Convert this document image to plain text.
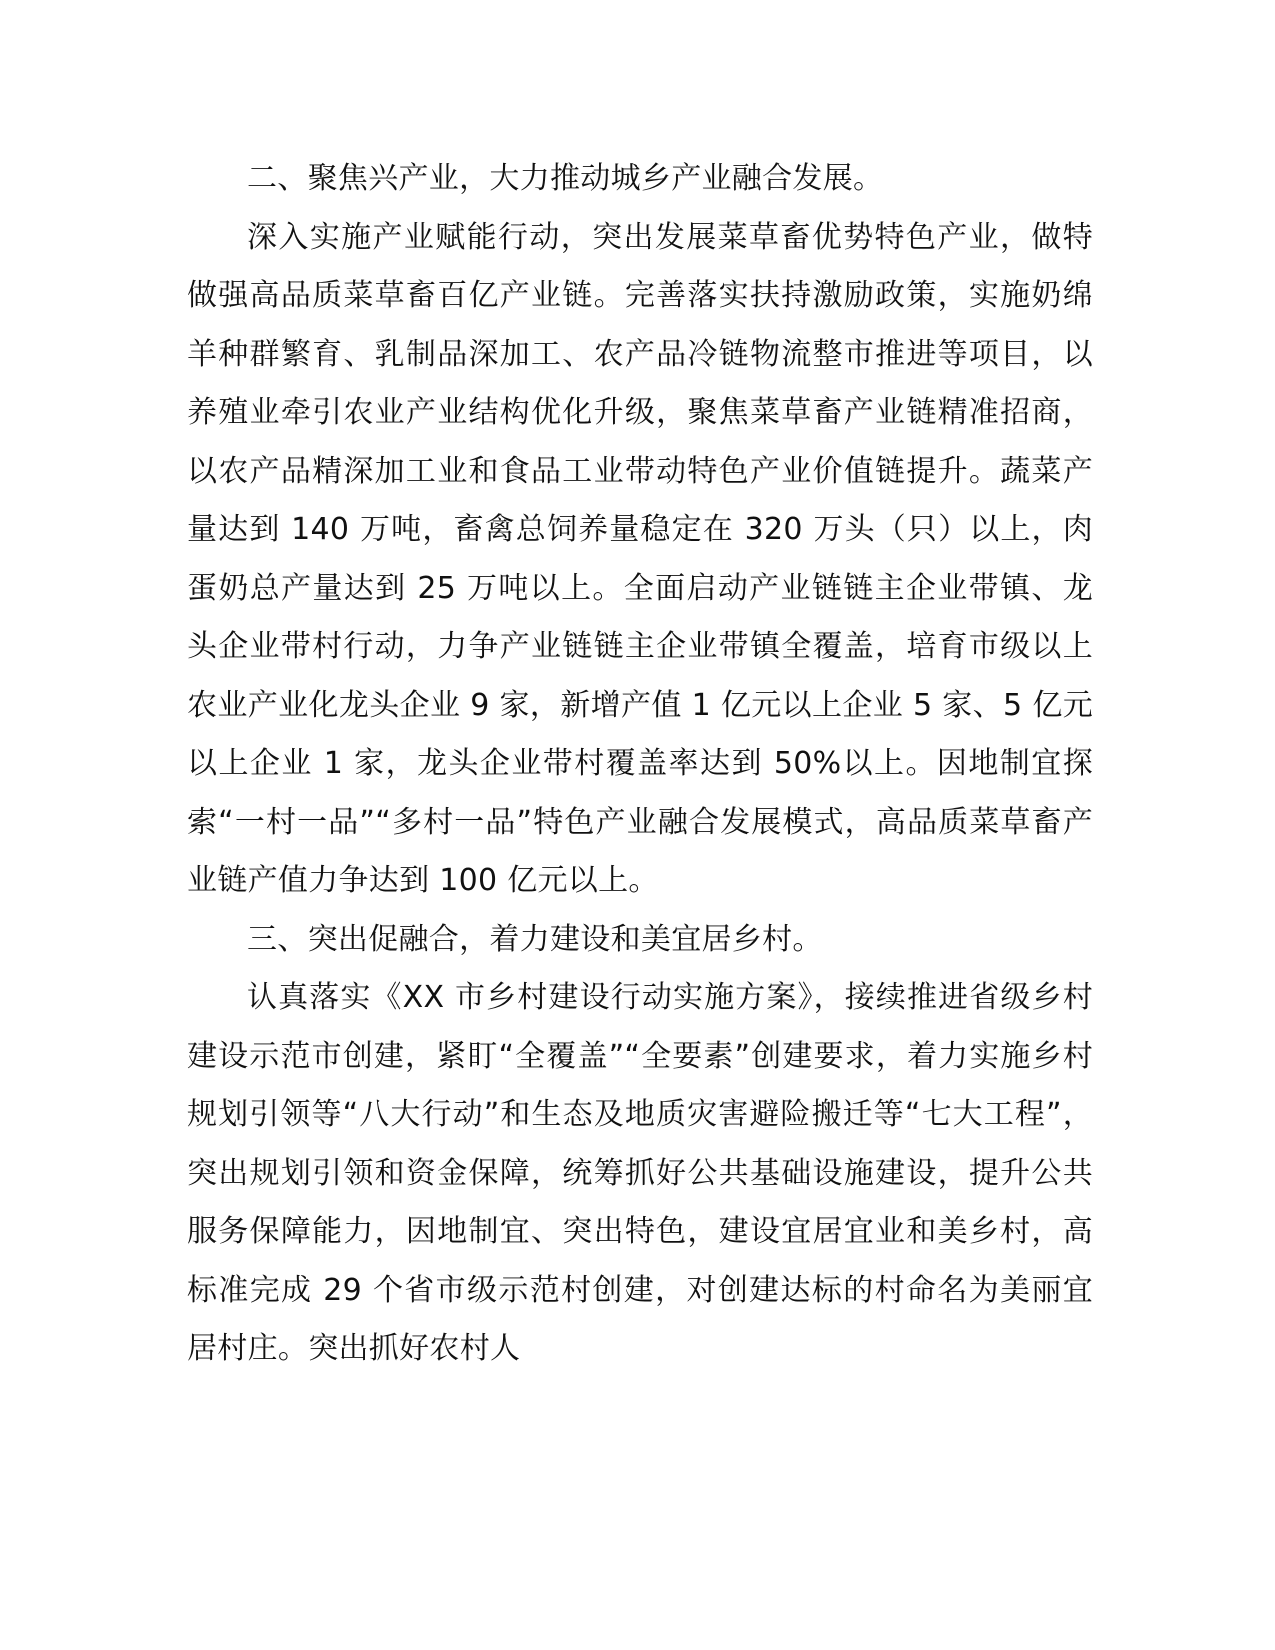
二、聚焦兴产业，大力推动城乡产业融合发展。

深入实施产业赋能行动，突出发展菜草畜优势特色产业，做特做强高品质菜草畜百亿产业链。完善落实扶持激励政策，实施奶绵羊种群繁育、乳制品深加工、农产品冷链物流整市推进等项目，以养殖业牵引农业产业结构优化升级，聚焦菜草畜产业链精准招商，以农产品精深加工业和食品工业带动特色产业价值链提升。蔬菜产量达到 140 万吨，畜禽总饲养量稳定在 320 万头（只）以上，肉蛋奶总产量达到 25 万吨以上。全面启动产业链链主企业带镇、龙头企业带村行动，力争产业链链主企业带镇全覆盖，培育市级以上农业产业化龙头企业 9 家，新增产值 1 亿元以上企业 5 家、5 亿元以上企业 1 家，龙头企业带村覆盖率达到 50%以上。因地制宜探索“一村一品”“多村一品”特色产业融合发展模式，高品质菜草畜产业链产值力争达到 100 亿元以上。

三、突出促融合，着力建设和美宜居乡村。

认真落实《XX 市乡村建设行动实施方案》，接续推进省级乡村建设示范市创建，紧盯“全覆盖”“全要素”创建要求，着力实施乡村规划引领等“八大行动”和生态及地质灾害避险搬迁等“七大工程”，突出规划引领和资金保障，统筹抓好公共基础设施建设，提升公共服务保障能力，因地制宜、突出特色，建设宜居宜业和美乡村，高标准完成 29 个省市级示范村创建，对创建达标的村命名为美丽宜居村庄。突出抓好农村人
